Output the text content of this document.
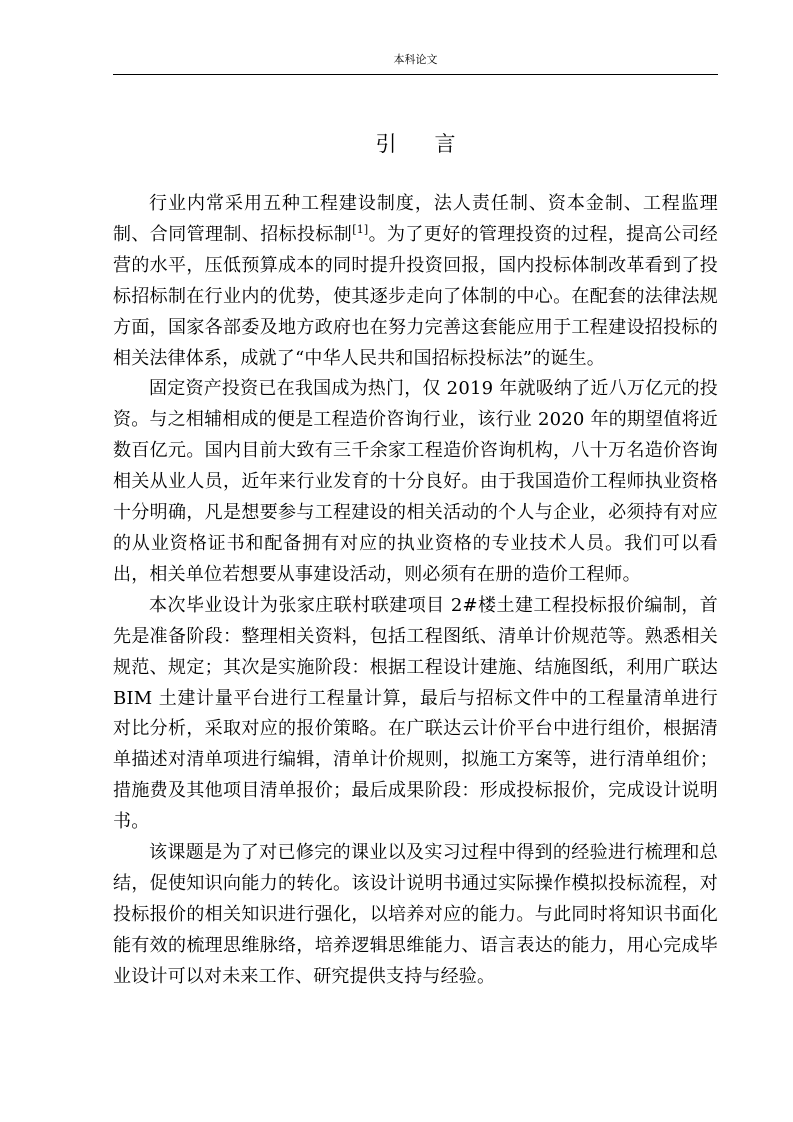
本科论文
引言

行业内常采用五种工程建设制度，法人责任制、资本金制、工程监理制、合同管理制、招标投标制[1]。为了更好的管理投资的过程，提高公司经营的水平，压低预算成本的同时提升投资回报，国内投标体制改革看到了投标招标制在行业内的优势，使其逐步走向了体制的中心。在配套的法律法规方面，国家各部委及地方政府也在努力完善这套能应用于工程建设招投标的相关法律体系，成就了“中华人民共和国招标投标法”的诞生。

固定资产投资已在我国成为热门，仅 2019 年就吸纳了近八万亿元的投资。与之相辅相成的便是工程造价咨询行业，该行业 2020 年的期望值将近数百亿元。国内目前大致有三千余家工程造价咨询机构，八十万名造价咨询相关从业人员，近年来行业发育的十分良好。由于我国造价工程师执业资格十分明确，凡是想要参与工程建设的相关活动的个人与企业，必须持有对应的从业资格证书和配备拥有对应的执业资格的专业技术人员。我们可以看出，相关单位若想要从事建设活动，则必须有在册的造价工程师。

本次毕业设计为张家庄联村联建项目 2#楼土建工程投标报价编制，首先是准备阶段：整理相关资料，包括工程图纸、清单计价规范等。熟悉相关规范、规定；其次是实施阶段：根据工程设计建施、结施图纸，利用广联达 BIM 土建计量平台进行工程量计算，最后与招标文件中的工程量清单进行对比分析，采取对应的报价策略。在广联达云计价平台中进行组价，根据清单描述对清单项进行编辑，清单计价规则，拟施工方案等，进行清单组价；措施费及其他项目清单报价；最后成果阶段：形成投标报价，完成设计说明书。

该课题是为了对已修完的课业以及实习过程中得到的经验进行梳理和总结，促使知识向能力的转化。该设计说明书通过实际操作模拟投标流程，对投标报价的相关知识进行强化，以培养对应的能力。与此同时将知识书面化能有效的梳理思维脉络，培养逻辑思维能力、语言表达的能力，用心完成毕业设计可以对未来工作、研究提供支持与经验。
